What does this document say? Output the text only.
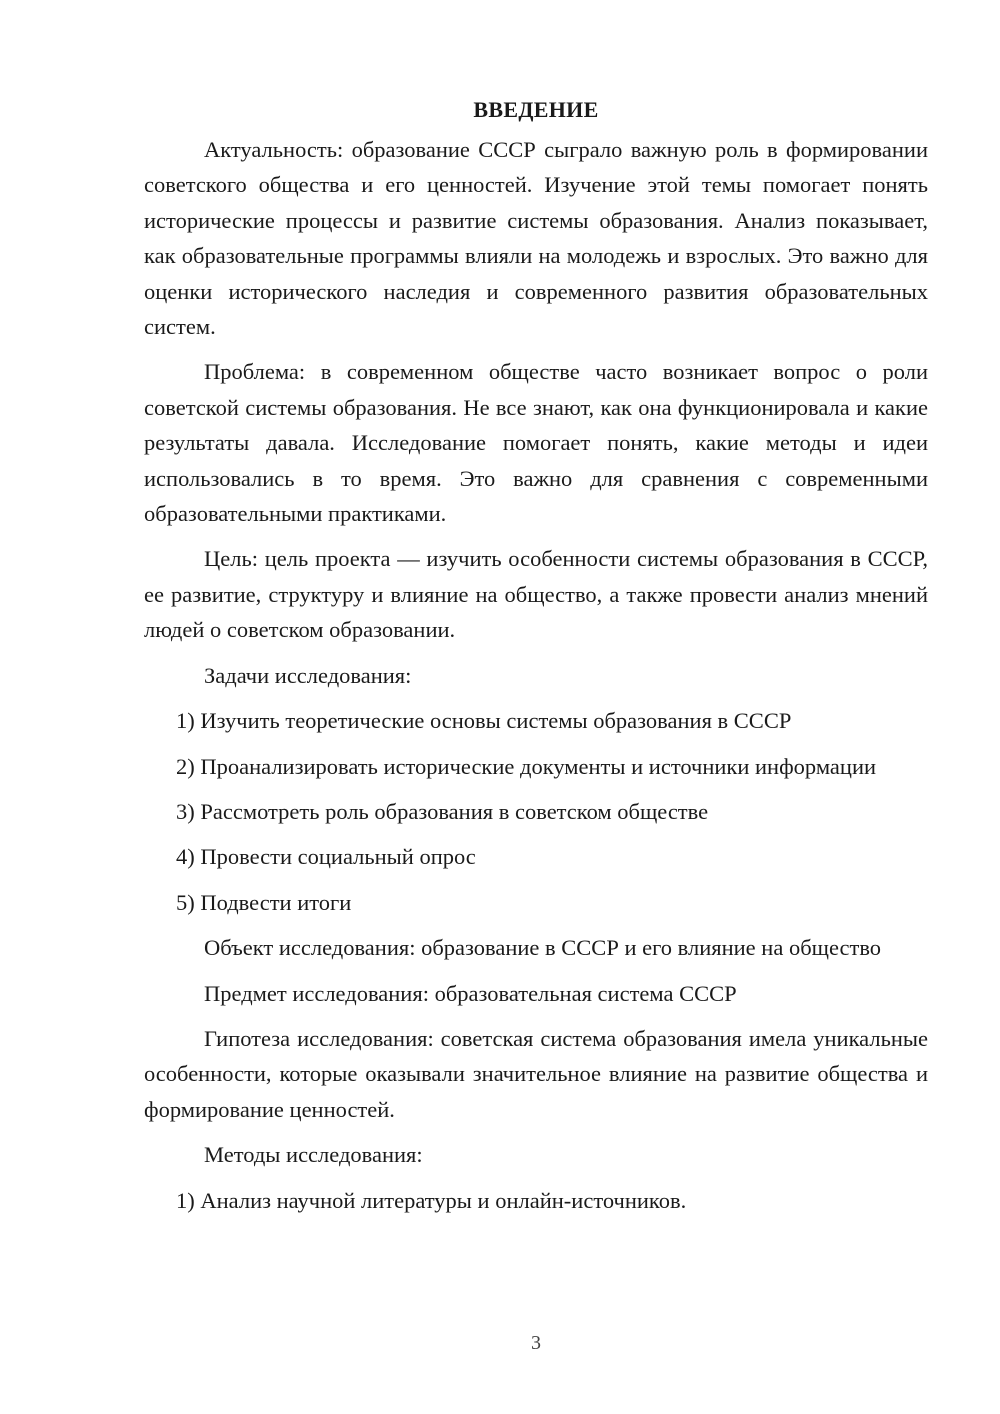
ВВЕДЕНИЕ

Актуальность: образование СССР сыграло важную роль в формировании советского общества и его ценностей. Изучение этой темы помогает понять исторические процессы и развитие системы образования. Анализ показывает, как образовательные программы влияли на молодежь и взрослых. Это важно для оценки исторического наследия и современного развития образовательных систем.

Проблема: в современном обществе часто возникает вопрос о роли советской системы образования. Не все знают, как она функционировала и какие результаты давала. Исследование помогает понять, какие методы и идеи использовались в то время. Это важно для сравнения с современными образовательными практиками.

Цель: цель проекта — изучить особенности системы образования в СССР, ее развитие, структуру и влияние на общество, а также провести анализ мнений людей о советском образовании.

Задачи исследования:

1) Изучить теоретические основы системы образования в СССР

2) Проанализировать исторические документы и источники информации

3) Рассмотреть роль образования в советском обществе

4) Провести социальный опрос

5) Подвести итоги

Объект исследования: образование в СССР и его влияние на общество

Предмет исследования: образовательная система СССР

Гипотеза исследования: советская система образования имела уникальные особенности, которые оказывали значительное влияние на развитие общества и формирование ценностей.

Методы исследования:

1) Анализ научной литературы и онлайн-источников.

3
